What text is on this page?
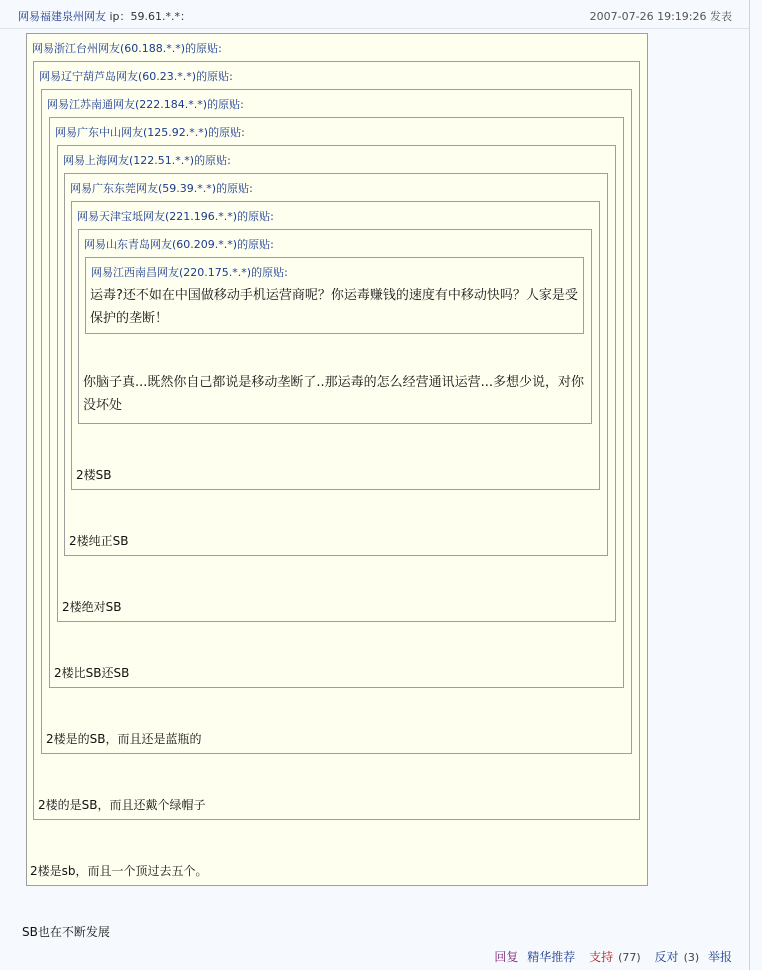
网易福建泉州网友 ip：59.61.*.*：	2007-07-26 19:19:26 发表
网易浙江台州网友(60.188.*.*)的原贴:
2楼是sb，而且一个顶过去五个。
网易辽宁葫芦岛网友(60.23.*.*)的原贴:
2楼的是SB，而且还戴个绿帽子
网易江苏南通网友(222.184.*.*)的原贴:
2楼是的SB，而且还是蓝瓶的
网易广东中山网友(125.92.*.*)的原贴:
2楼比SB还SB
网易上海网友(122.51.*.*)的原贴:
2楼绝对SB
网易广东东莞网友(59.39.*.*)的原贴:
2楼纯正SB
网易天津宝坻网友(221.196.*.*)的原贴:
2楼SB
网易山东青岛网友(60.209.*.*)的原贴:
你脑子真...既然你自己都说是移动垄断了..那运毒的怎么经营通讯运营...多想少说，对你没坏处
网易江西南昌网友(220.175.*.*)的原贴:
运毒?还不如在中国做移动手机运营商呢？你运毒赚钱的速度有中移动快吗？人家是受保护的垄断！
SB也在不断发展
回复 精华推荐 支持 (77) 反对 (3) 举报
